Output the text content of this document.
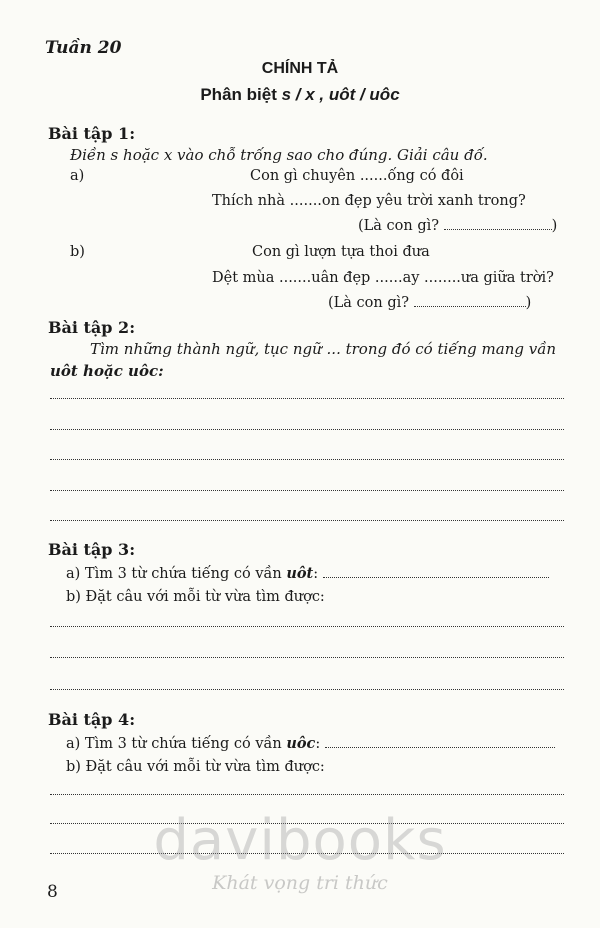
Tuần 20
CHÍNH TẢ
Phân biệt s / x , uôt / uôc
Bài tập 1:
Điền s hoặc x vào chỗ trống sao cho đúng. Giải câu đố.
a)	Con gì chuyên ......ống có đôi
Thích nhà .......on đẹp yêu trời xanh trong?
(Là con gì?	)
b)	Con gì lượn tựa thoi đưa
Dệt mùa .......uân đẹp ......ay ........ưa giữa trời?
(Là con gì?	)
Bài tập 2:
Tìm những thành ngữ, tục ngữ ... trong đó có tiếng mang vần
uôt hoặc uôc:
Bài tập 3:
a) Tìm 3 từ chứa tiếng có vần uôt:
b) Đặt câu với mỗi từ vừa tìm được:
Bài tập 4:
a) Tìm 3 từ chứa tiếng có vần uôc:
b) Đặt câu với mỗi từ vừa tìm được:
davibooks
Khát vọng tri thức
8
